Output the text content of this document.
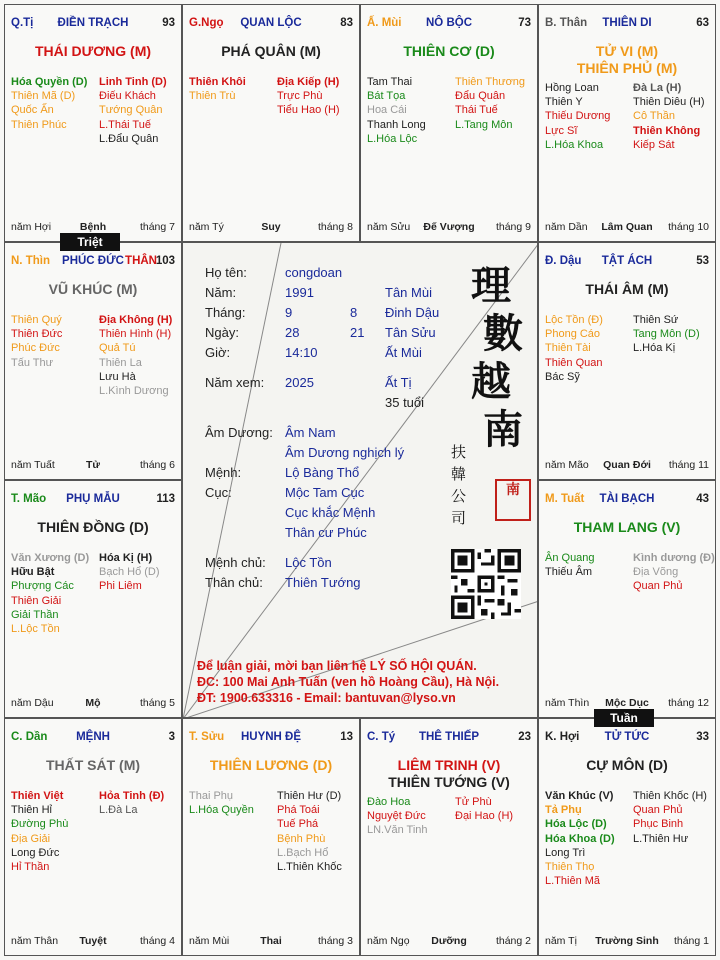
Q.Tị	ĐIỀN TRẠCH	93
THÁI DƯƠNG (M)
Hóa Quyền (D)
Thiên Mã (D)
Quốc Ấn
Thiên Phúc
Linh Tinh (D)
Điếu Khách
Tướng Quân
L.Thái Tuế
L.Đẩu Quân
năm Hợi	Bệnh	tháng 7
G.Ngọ	QUAN LỘC	83
PHÁ QUÂN (M)
Thiên Khôi
Thiên Trù
Địa Kiếp (H)
Trực Phù
Tiểu Hao (H)
năm Tý	Suy	tháng 8
Ấ. Mùi	NÔ BỘC	73
THIÊN CƠ (D)
Tam Thai
Bát Tọa
Hoa Cái
Thanh Long
L.Hóa Lộc
Thiên Thương
Đẩu Quân
Thái Tuế
L.Tang Môn
năm Sửu	Đế Vượng	tháng 9
B. Thân	THIÊN DI	63
TỬ VI (M)
THIÊN PHỦ (M)
Hồng Loan
Thiên Y
Thiếu Dương
Lực Sĩ
L.Hóa Khoa
Đà La (H)
Thiên Diêu (H)
Cô Thần
Thiên Không
Kiếp Sát
năm Dần	Lâm Quan	tháng 10
N. Thìn	PHÚC ĐỨC THÂN
103
VŨ KHÚC (M)
Thiên Quý
Thiên Đức
Phúc Đức
Tấu Thư
Địa Không (H)
Thiên Hình (H)
Quả Tú
Thiên La
Lưu Hà
L.Kình Dương
năm Tuất	Tử	tháng 6
Đ. Dậu	TẬT ÁCH	53
THÁI ÂM (M)
Lộc Tồn (Đ)
Phong Cáo
Thiên Tài
Thiên Quan
Bác Sỹ
Thiên Sứ
Tang Môn (D)
L.Hóa Kị
năm Mão	Quan Đới	tháng 11
T. Mão	PHỤ MẪU	113
THIÊN ĐỒNG (D)
Văn Xương (D)
Hữu Bật
Phượng Các
Thiên Giải
Giải Thần
L.Lộc Tồn
Hóa Kị (H)
Bạch Hổ (D)
Phi Liêm
năm Dậu	Mộ	tháng 5
M. Tuất	TÀI BẠCH	43
THAM LANG (V)
Ân Quang
Thiếu Âm
Kình dương (Đ)
Địa Võng
Quan Phủ
năm Thìn	Mộc Dục	tháng 12
C. Dần	MỆNH	3
THẤT SÁT (M)
Thiên Việt
Thiên Hỉ
Đường Phù
Địa Giải
Long Đức
Hỉ Thần
Hỏa Tinh (Đ)
L.Đà La
năm Thân	Tuyệt	tháng 4
T. Sửu	HUYNH ĐỆ	13
THIÊN LƯƠNG (D)
Thai Phụ
L.Hóa Quyền
Thiên Hư (D)
Phá Toái
Tuế Phá
Bệnh Phù
L.Bạch Hổ
L.Thiên Khốc
năm Mùi	Thai	tháng 3
C. Tý	THÊ THIẾP	23
LIÊM TRINH (V)
THIÊN TƯỚNG (V)
Đào Hoa
Nguyệt Đức
LN.Văn Tinh
Tử Phù
Đại Hao (H)
năm Ngọ	Dưỡng	tháng 2
K. Hợi	TỬ TỨC	33
CỰ MÔN (D)
Văn Khúc (V)
Tả Phụ
Hóa Lộc (D)
Hóa Khoa (D)
Long Trì
Thiên Thọ
L.Thiên Mã
Thiên Khốc (H)
Quan Phủ
Phục Binh
L.Thiên Hư
năm Tị	Trường Sinh	tháng 1
Họ tên:	congdoan
Năm:	1991	Tân Mùi
Tháng:	9	8 Đinh Dậu
Ngày:	28	21 Tân Sửu
Giờ:	14:10	Ất Mùi
Năm xem: 2025	Ất Tị
35 tuổi
Âm Dương: Âm Nam
Âm Dương nghịch lý
Mệnh:	Lộ Bàng Thổ
Cục:	Mộc Tam Cục
Cục khắc Mệnh
Thân cư Phúc
Mệnh chủ: Lộc Tồn
Thân chủ: Thiên Tướng
理
數
越
南
扶
韓
公
司
南
Để luận giải, mời bạn liên hệ LÝ SỐ HỘI QUÁN.
ĐC: 100 Mai Anh Tuấn (ven hồ Hoàng Cầu), Hà Nội.
ĐT: 1900.633316 - Email: bantuvan@lyso.vn
Triệt
Tuần
